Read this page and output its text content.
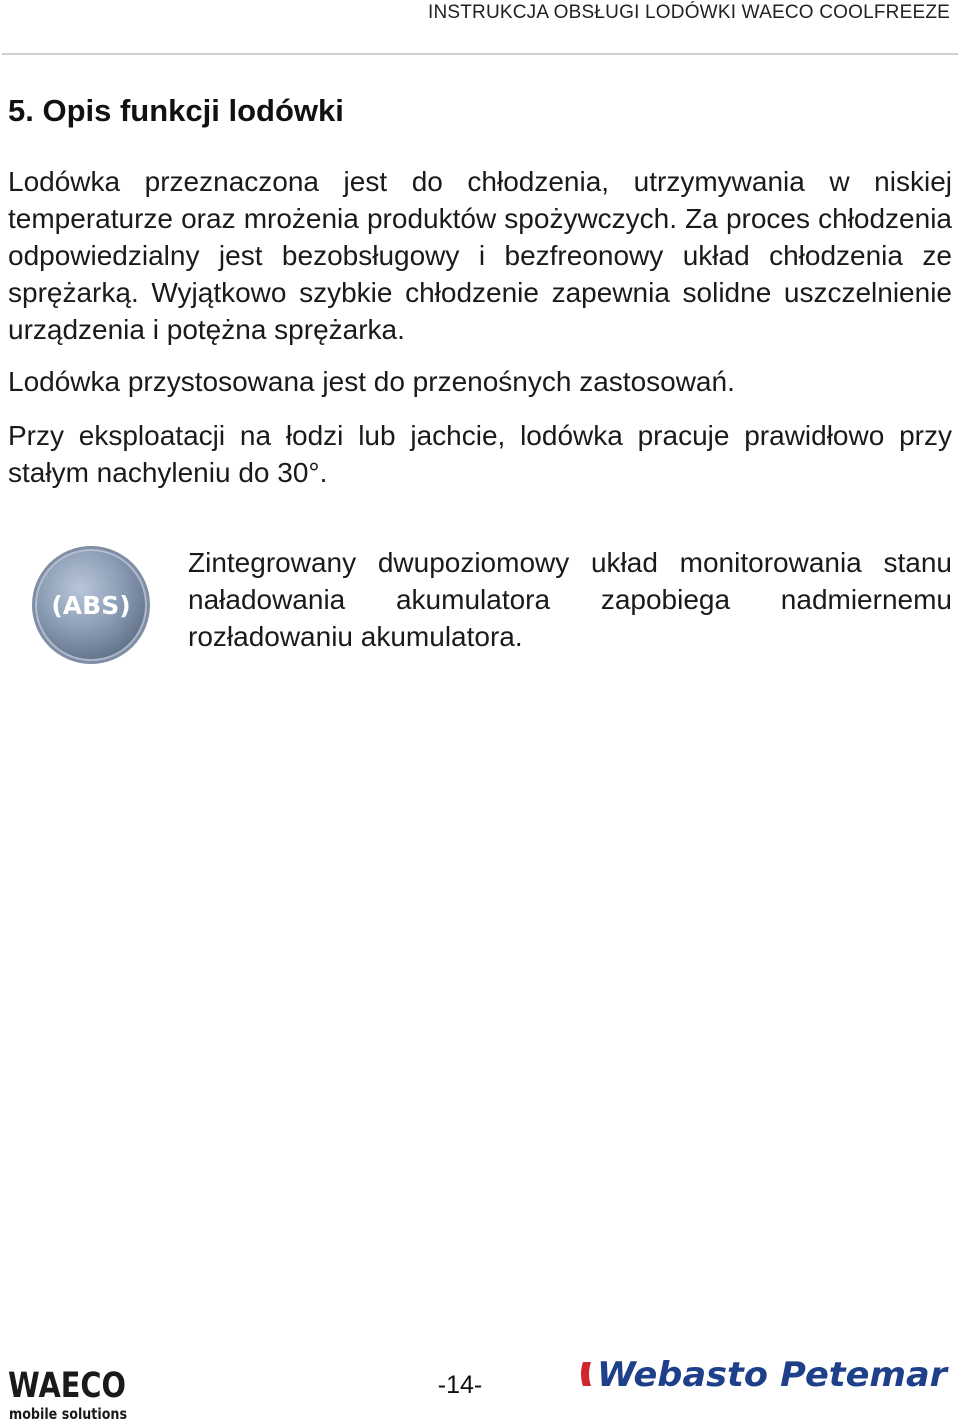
INSTRUKCJA OBSŁUGI LODÓWKI WAECO COOLFREEZE
5. Opis funkcji lodówki

Lodówka przeznaczona jest do chłodzenia, utrzymywania w niskiej temperaturze oraz mrożenia produktów spożywczych. Za proces chłodzenia odpowiedzialny jest bezobsługowy i bezfreonowy układ chłodzenia ze sprężarką. Wyjątkowo szybkie chłodzenie zapewnia solidne uszczelnienie urządzenia i potężna sprężarka.

Lodówka przystosowana jest do przenośnych zastosowań.

Przy eksploatacji na łodzi lub jachcie, lodówka pracuje prawidłowo przy stałym nachyleniu do 30°.

(ABS)

Zintegrowany dwupoziomowy układ monitorowania stanu naładowania akumulatora zapobiega nadmiernemu rozładowaniu akumulatora.

WAECO
mobile solutions
-14-	Webasto Petemar
